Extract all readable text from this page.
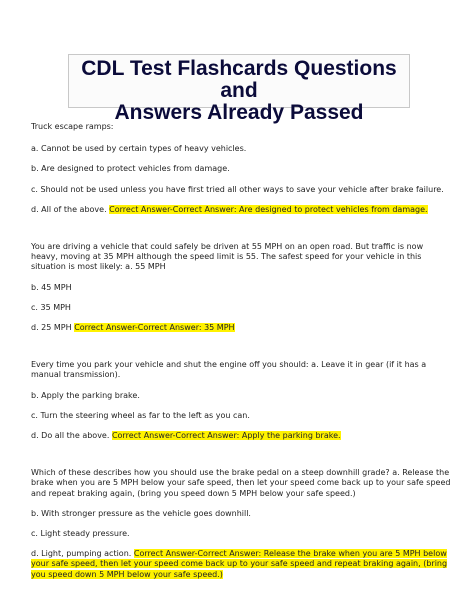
CDL Test Flashcards Questions and
Answers Already Passed

Truck escape ramps:

a. Cannot be used by certain types of heavy vehicles.

b. Are designed to protect vehicles from damage.

c. Should not be used unless you have first tried all other ways to save your vehicle after brake failure.

d. All of the above. Correct Answer-Correct Answer: Are designed to protect vehicles from damage.

You are driving a vehicle that could safely be driven at 55 MPH on an open road. But traffic is now

heavy, moving at 35 MPH although the speed limit is 55. The safest speed for your vehicle in this

situation is most likely: a. 55 MPH

b. 45 MPH

c. 35 MPH

d. 25 MPH Correct Answer-Correct Answer: 35 MPH

Every time you park your vehicle and shut the engine off you should: a. Leave it in gear (if it has a

manual transmission).

b. Apply the parking brake.

c. Turn the steering wheel as far to the left as you can.

d. Do all the above. Correct Answer-Correct Answer: Apply the parking brake.

Which of these describes how you should use the brake pedal on a steep downhill grade? a. Release the

brake when you are 5 MPH below your safe speed, then let your speed come back up to your safe speed

and repeat braking again, (bring you speed down 5 MPH below your safe speed.)

b. With stronger pressure as the vehicle goes downhill.

c. Light steady pressure.

d. Light, pumping action. Correct Answer-Correct Answer: Release the brake when you are 5 MPH below

your safe speed, then let your speed come back up to your safe speed and repeat braking again, (bring

you speed down 5 MPH below your safe speed.)
